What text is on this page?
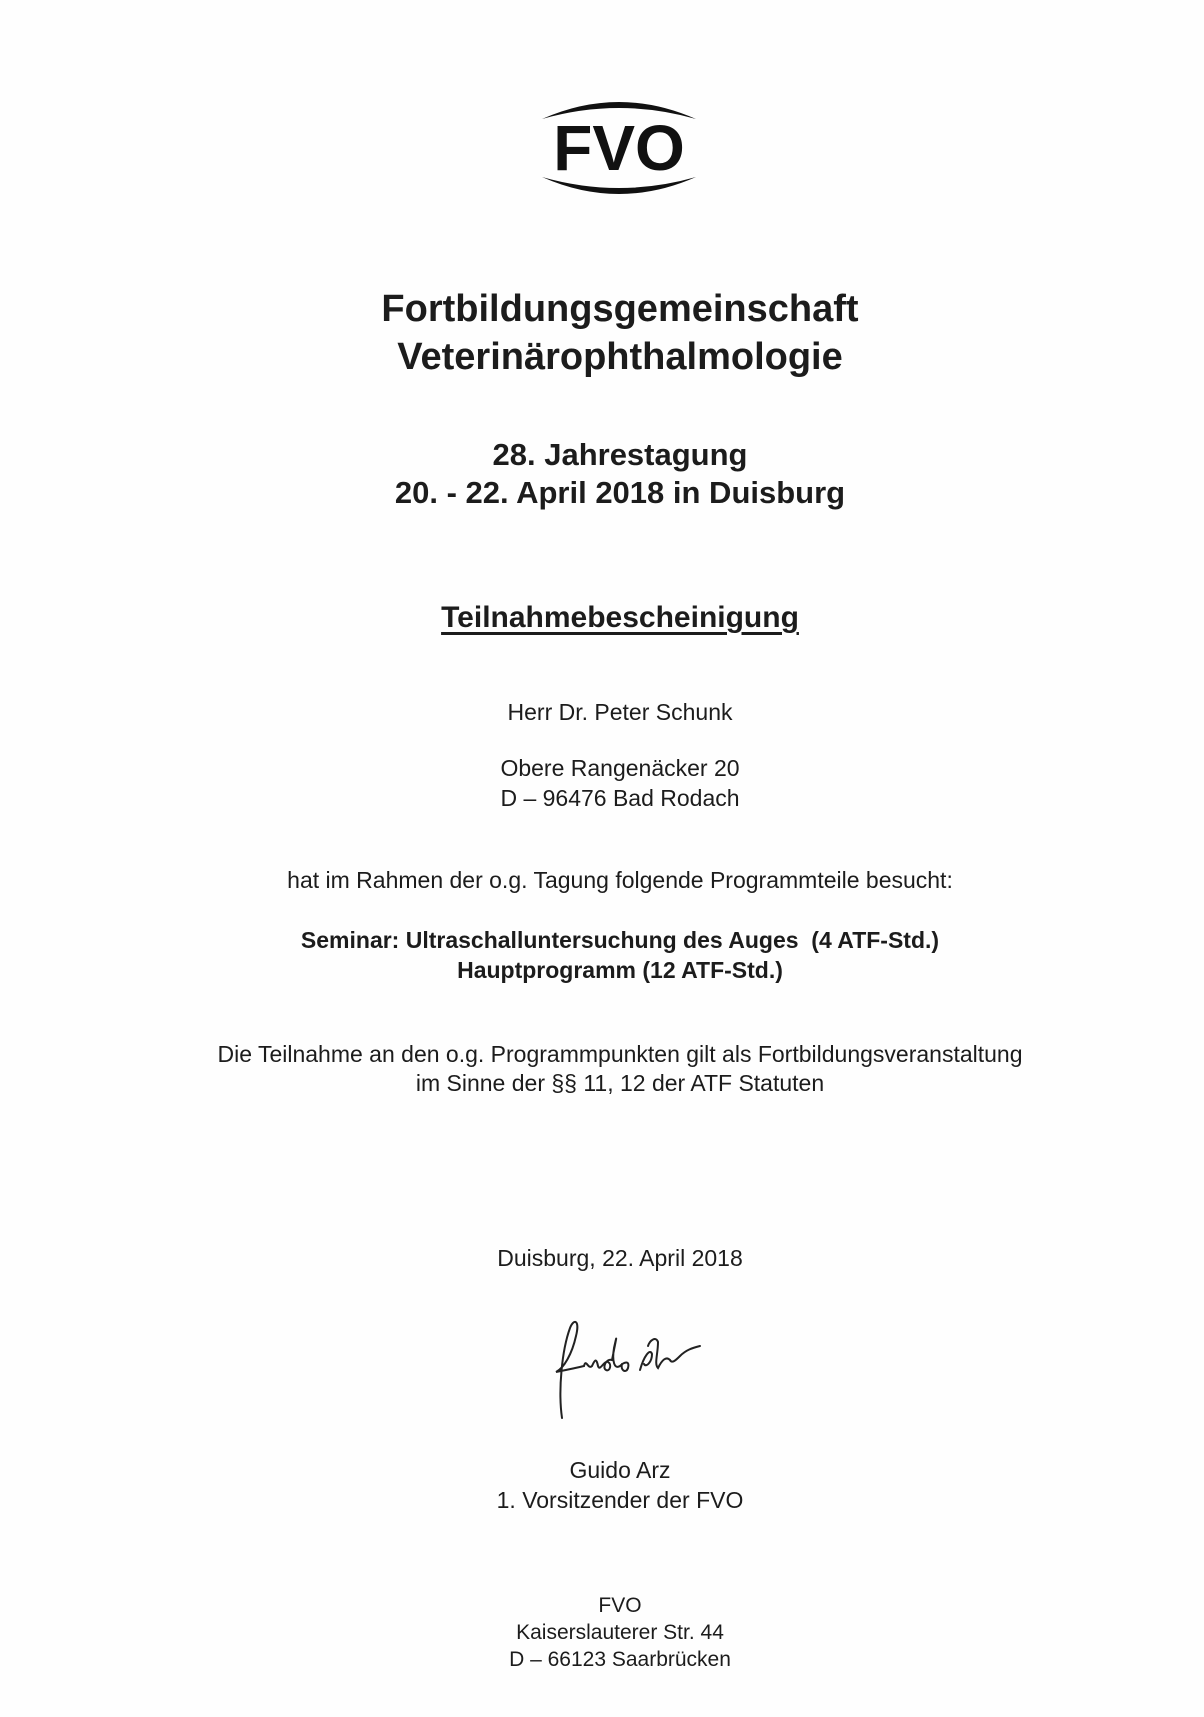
FVO
Fortbildungsgemeinschaft
Veterinärophthalmologie
28. Jahrestagung
20. - 22. April 2018 in Duisburg
Teilnahmebescheinigung
Herr Dr. Peter Schunk
Obere Rangenäcker 20
D – 96476 Bad Rodach
hat im Rahmen der o.g. Tagung folgende Programmteile besucht:
Seminar: Ultraschalluntersuchung des Auges  (4 ATF-Std.)
Hauptprogramm (12 ATF-Std.)
Die Teilnahme an den o.g. Programmpunkten gilt als Fortbildungsveranstaltung
im Sinne der §§ 11, 12 der ATF Statuten
Duisburg, 22. April 2018
Guido Arz
1. Vorsitzender der FVO
FVO
Kaiserslauterer Str. 44
D – 66123 Saarbrücken
